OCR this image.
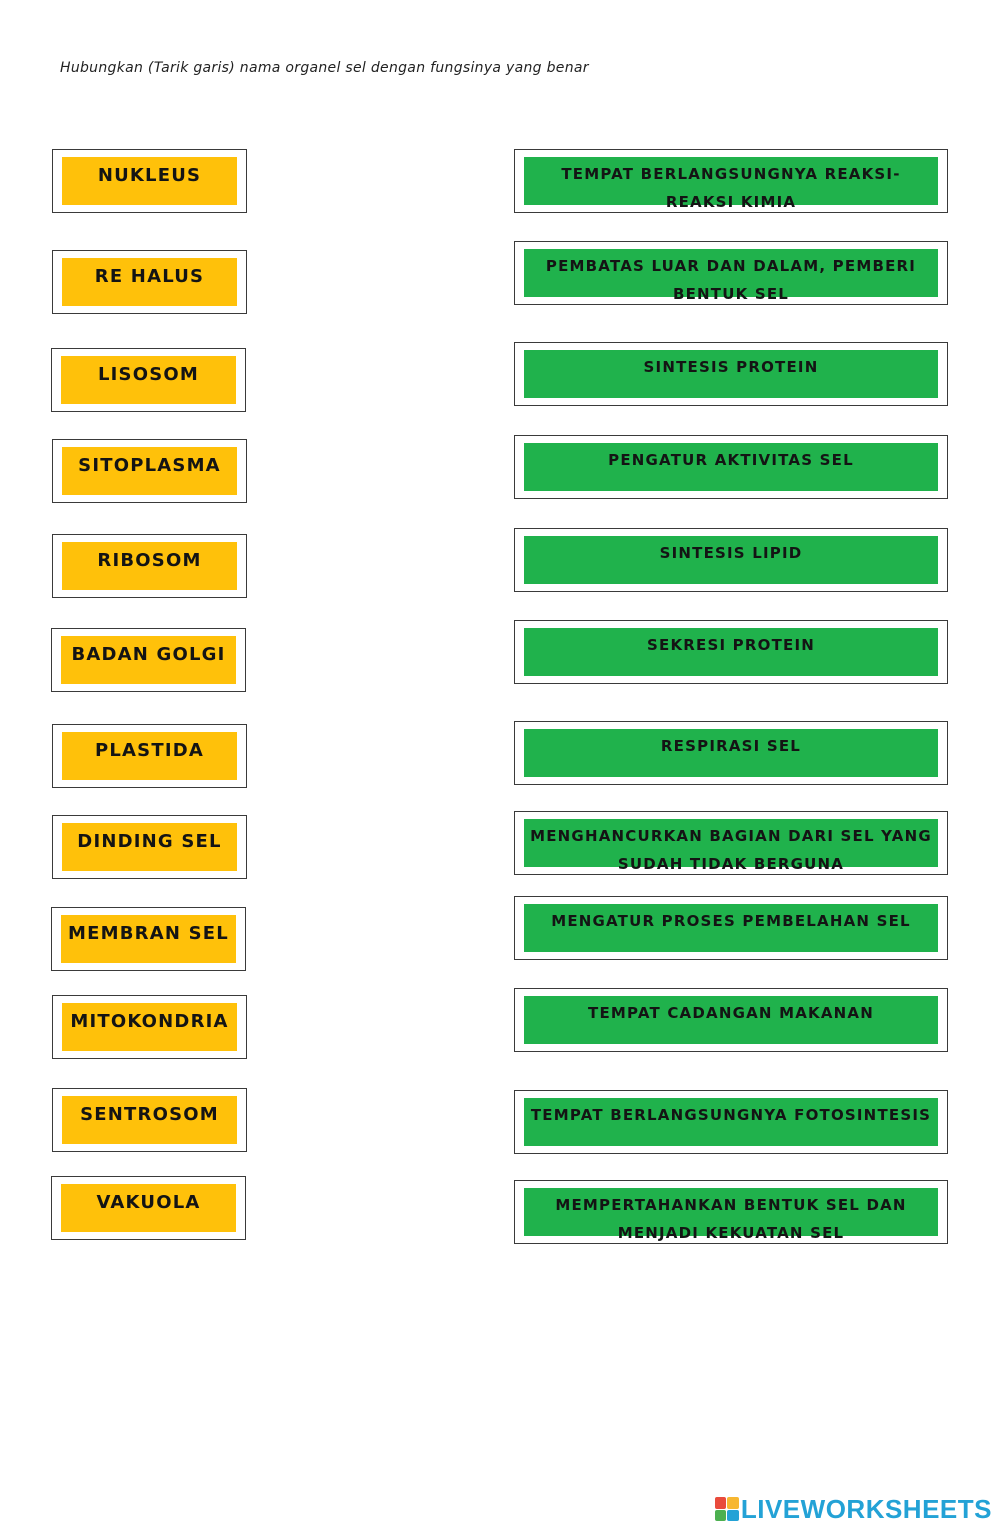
Hubungkan (Tarik garis) nama organel sel dengan fungsinya yang benar
NUKLEUS
RE HALUS
LISOSOM
SITOPLASMA
RIBOSOM
BADAN GOLGI
PLASTIDA
DINDING SEL
MEMBRAN SEL
MITOKONDRIA
SENTROSOM
VAKUOLA
TEMPAT BERLANGSUNGNYA REAKSI-REAKSI KIMIA
PEMBATAS LUAR DAN DALAM, PEMBERI BENTUK SEL
SINTESIS PROTEIN
PENGATUR AKTIVITAS SEL
SINTESIS LIPID
SEKRESI PROTEIN
RESPIRASI SEL
MENGHANCURKAN BAGIAN DARI SEL YANG SUDAH TIDAK BERGUNA
MENGATUR PROSES PEMBELAHAN SEL
TEMPAT CADANGAN MAKANAN
TEMPAT BERLANGSUNGNYA FOTOSINTESIS
MEMPERTAHANKAN BENTUK SEL DAN MENJADI KEKUATAN SEL
LIVEWORKSHEETS
